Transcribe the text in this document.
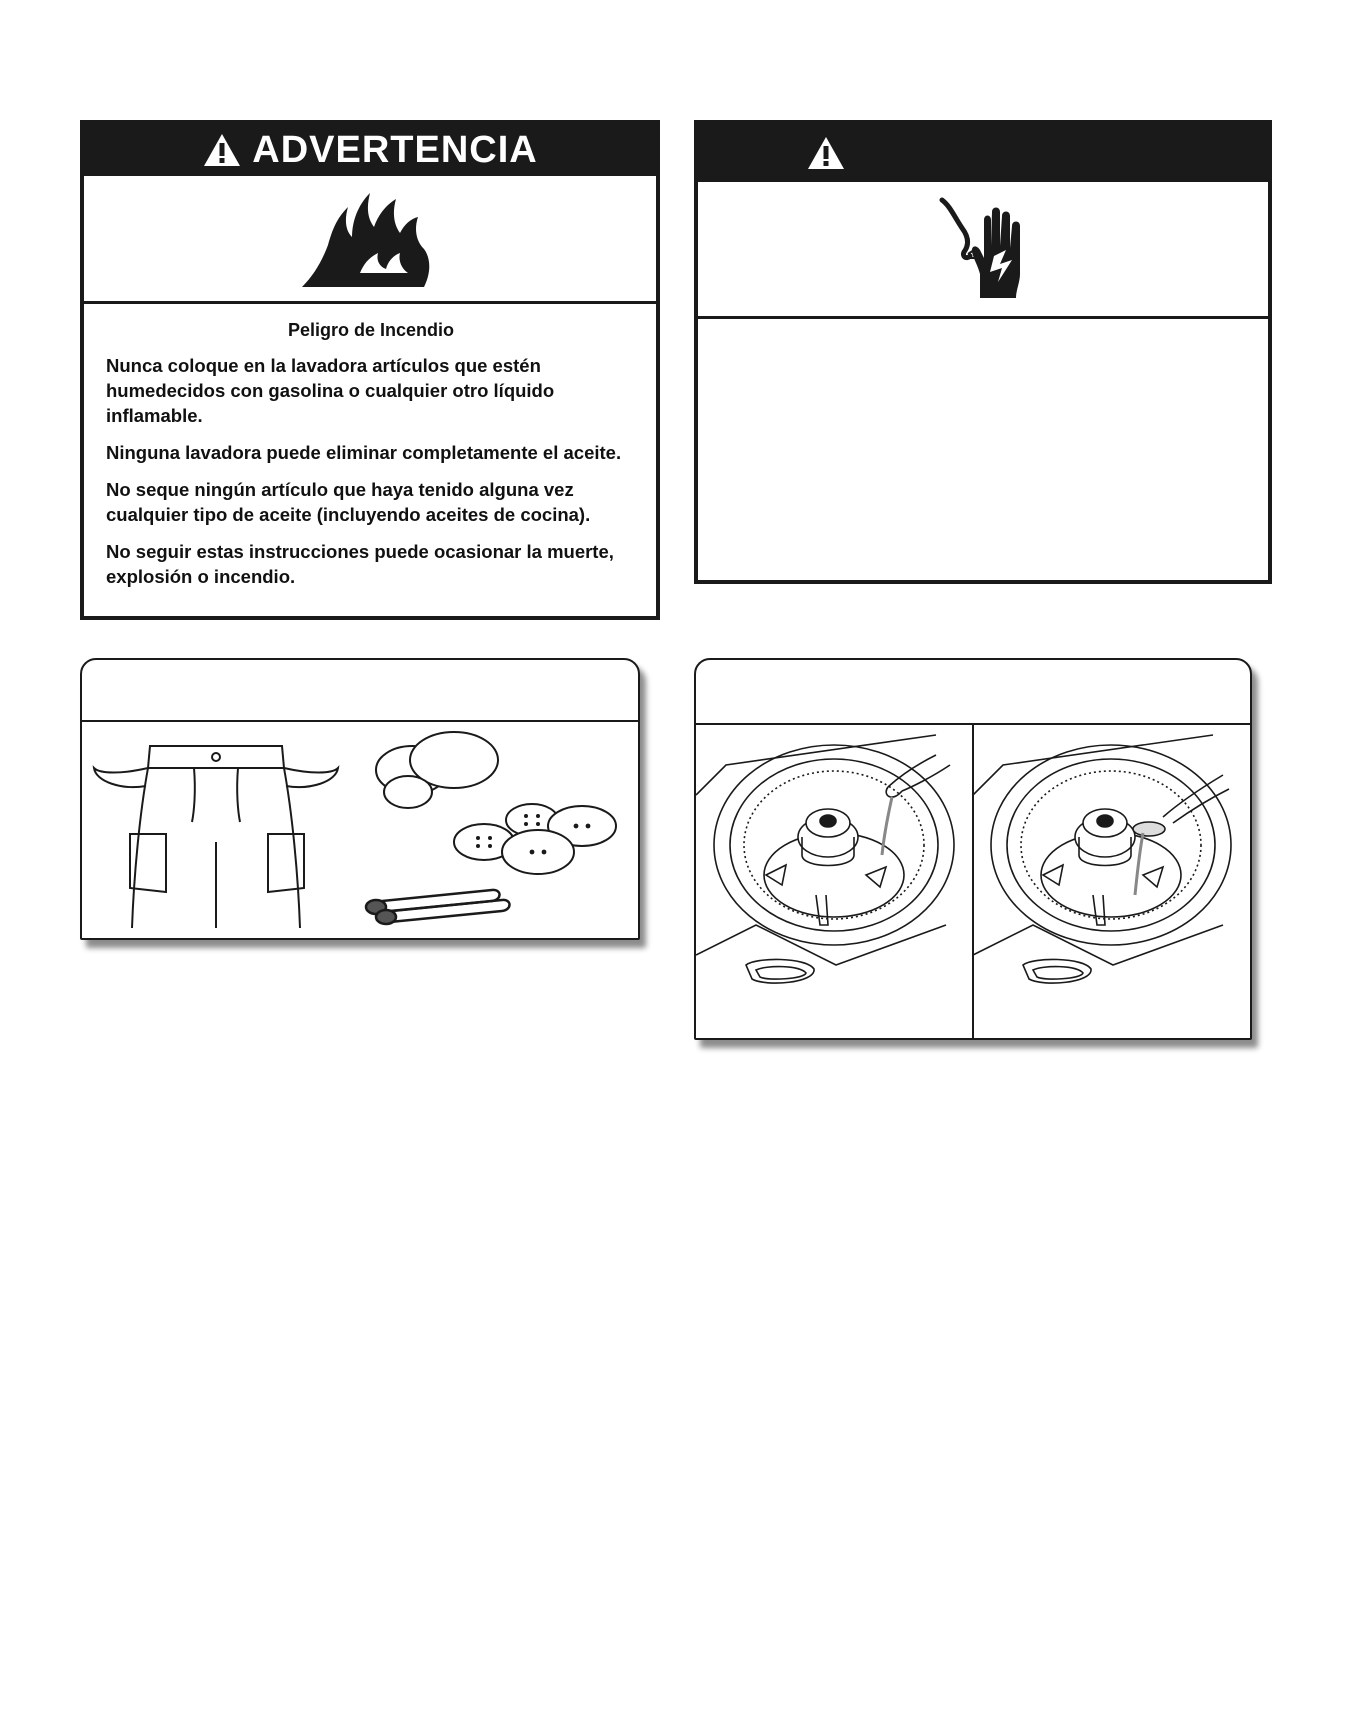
ADVERTENCIA
Peligro de Incendio

Nunca coloque en la lavadora artículos que estén humedecidos con gasolina o cualquier otro líquido inflamable.

Ninguna lavadora puede eliminar completamente el aceite.

No seque ningún artículo que haya tenido alguna vez cualquier tipo de aceite (incluyendo aceites de cocina).

No seguir estas instrucciones puede ocasionar la muerte, explosión o incendio.
